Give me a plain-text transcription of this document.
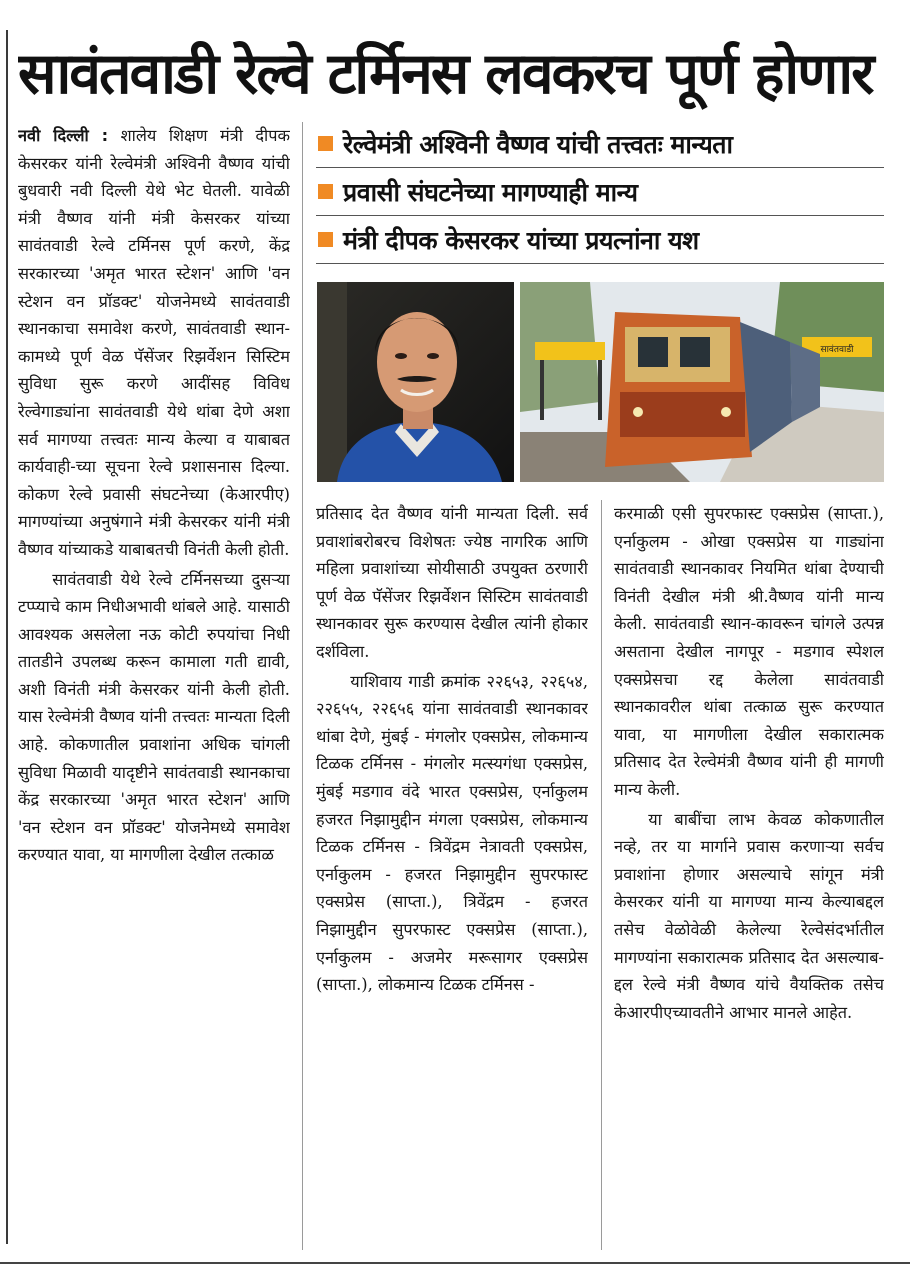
सावंतवाडी रेल्वे टर्मिनस लवकरच पूर्ण होणार

नवी दिल्ली : शालेय शिक्षण मंत्री दीपक केसरकर यांनी रेल्वेमंत्री अश्विनी वैष्णव यांची बुधवारी नवी दिल्ली येथे भेट घेतली. यावेळी मंत्री वैष्णव यांनी मंत्री केसरकर यांच्या सावंतवाडी रेल्वे टर्मिनस पूर्ण करणे, केंद्र सरकारच्या 'अमृत भारत स्टेशन' आणि 'वन स्टेशन वन प्रॉडक्ट' योजनेमध्ये सावंतवाडी स्थानकाचा समावेश करणे, सावंतवाडी स्थान-कामध्ये पूर्ण वेळ पॅसेंजर रिझर्वेशन सिस्टिम सुविधा सुरू करणे आदींसह विविध रेल्वेगाड्यांना सावंतवाडी येथे थांबा देणे अशा सर्व मागण्या तत्त्वतः मान्य केल्या व याबाबत कार्यवाही-च्या सूचना रेल्वे प्रशासनास दिल्या. कोकण रेल्वे प्रवासी संघटनेच्या (केआरपीए) मागण्यांच्या अनुषंगाने मंत्री केसरकर यांनी मंत्री वैष्णव यांच्याकडे याबाबतची विनंती केली होती.

सावंतवाडी येथे रेल्वे टर्मिनसच्या दुसऱ्या टप्प्याचे काम निधीअभावी थांबले आहे. यासाठी आवश्यक असलेला नऊ कोटी रुपयांचा निधी तातडीने उपलब्ध करून कामाला गती द्यावी, अशी विनंती मंत्री केसरकर यांनी केली होती. यास रेल्वेमंत्री वैष्णव यांनी तत्त्वतः मान्यता दिली आहे. कोकणातील प्रवाशांना अधिक चांगली सुविधा मिळावी यादृष्टीने सावंतवाडी स्थानकाचा केंद्र सरकारच्या 'अमृत भारत स्टेशन' आणि 'वन स्टेशन वन प्रॉडक्ट' योजनेमध्ये समावेश करण्यात यावा, या मागणीला देखील तत्काळ

रेल्वेमंत्री अश्विनी वैष्णव यांची तत्त्वतः मान्यता
प्रवासी संघटनेच्या मागण्याही मान्य
मंत्री दीपक केसरकर यांच्या प्रयत्नांना यश
सावंतवाडी

प्रतिसाद देत वैष्णव यांनी मान्यता दिली. सर्व प्रवाशांबरोबरच विशेषतः ज्येष्ठ नागरिक आणि महिला प्रवाशांच्या सोयीसाठी उपयुक्त ठरणारी पूर्ण वेळ पॅसेंजर रिझर्वेशन सिस्टिम सावंतवाडी स्थानकावर सुरू करण्यास देखील त्यांनी होकार दर्शविला.

याशिवाय गाडी क्रमांक २२६५३, २२६५४, २२६५५, २२६५६ यांना सावंतवाडी स्थानकावर थांबा देणे, मुंबई - मंगलोर एक्सप्रेस, लोकमान्य टिळक टर्मिनस - मंगलोर मत्स्यगंधा एक्सप्रेस, मुंबई मडगाव वंदे भारत एक्सप्रेस, एर्नाकुलम हजरत निझामुद्दीन मंगला एक्सप्रेस, लोकमान्य टिळक टर्मिनस - त्रिवेंद्रम नेत्रावती एक्सप्रेस, एर्नाकुलम - हजरत निझामुद्दीन सुपरफास्ट एक्सप्रेस (साप्ता.), त्रिवेंद्रम - हजरत निझामुद्दीन सुपरफास्ट एक्सप्रेस (साप्ता.), एर्नाकुलम - अजमेर मरूसागर एक्सप्रेस (साप्ता.), लोकमान्य टिळक टर्मिनस -

करमाळी एसी सुपरफास्ट एक्सप्रेस (साप्ता.), एर्नाकुलम - ओखा एक्सप्रेस या गाड्यांना सावंतवाडी स्थानकावर नियमित थांबा देण्याची विनंती देखील मंत्री श्री.वैष्णव यांनी मान्य केली. सावंतवाडी स्थान-कावरून चांगले उत्पन्न असताना देखील नागपूर - मडगाव स्पेशल एक्सप्रेसचा रद्द केलेला सावंतवाडी स्थानकावरील थांबा तत्काळ सुरू करण्यात यावा, या मागणीला देखील सकारात्मक प्रतिसाद देत रेल्वेमंत्री वैष्णव यांनी ही मागणी मान्य केली.

या बाबींचा लाभ केवळ कोकणातील नव्हे, तर या मार्गाने प्रवास करणाऱ्या सर्वच प्रवाशांना होणार असल्याचे सांगून मंत्री केसरकर यांनी या मागण्या मान्य केल्याबद्दल तसेच वेळोवेळी केलेल्या रेल्वेसंदर्भातील मागण्यांना सकारात्मक प्रतिसाद देत असल्याब-द्दल रेल्वे मंत्री वैष्णव यांचे वैयक्तिक तसेच केआरपीएच्यावतीने आभार मानले आहेत.
